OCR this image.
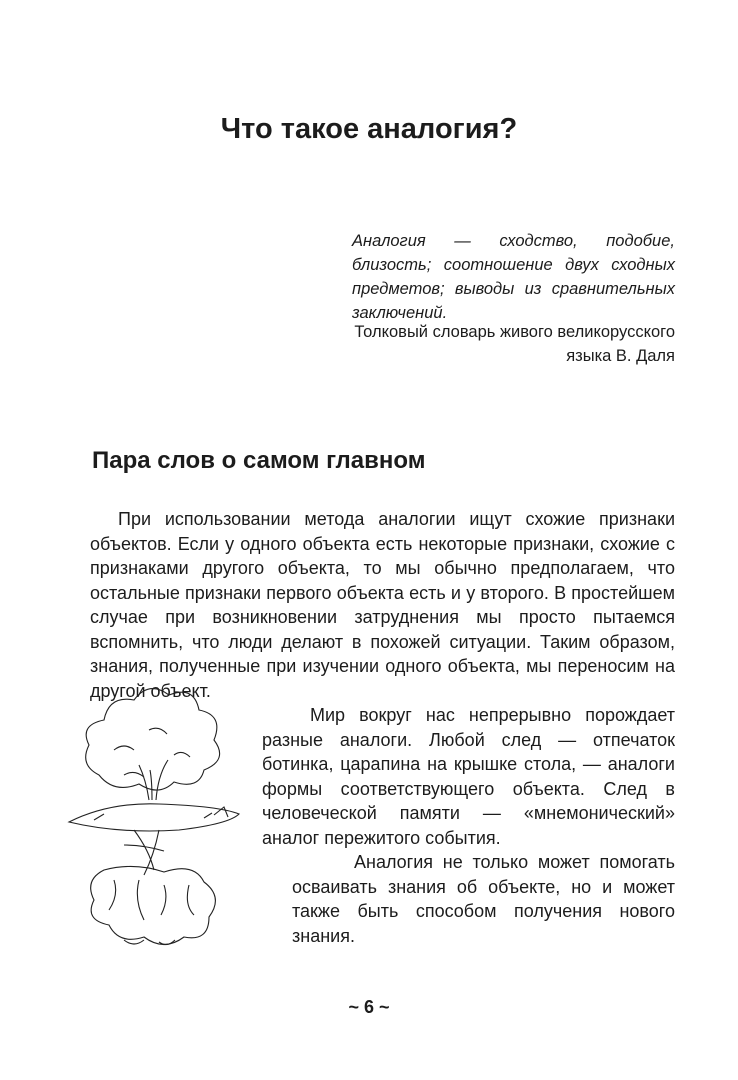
Что такое аналогия?
Аналогия — сходство, подобие, близость; соотношение двух сходных предметов; выводы из сравнительных заключений.
Толковый словарь живого великорусского языка В. Даля
Пара слов о самом главном

При использовании метода аналогии ищут схожие признаки объектов. Если у одного объекта есть некоторые признаки, схожие с признаками другого объекта, то мы обычно предполагаем, что остальные признаки первого объекта есть и у второго. В простейшем случае при возникновении затруднения мы просто пытаемся вспомнить, что люди делают в похожей ситуации. Таким образом, знания, полученные при изучении одного объекта, мы переносим на другой объект.

Мир вокруг нас непрерывно порождает разные аналоги. Любой след — отпечаток ботинка, царапина на крышке стола, — аналоги формы соответствующего объекта. След в человеческой памяти — «мнемонический» аналог пережитого события.

Аналогия не только может помогать осваивать знания об объекте, но и может также быть способом получения нового знания.

~ 6 ~
